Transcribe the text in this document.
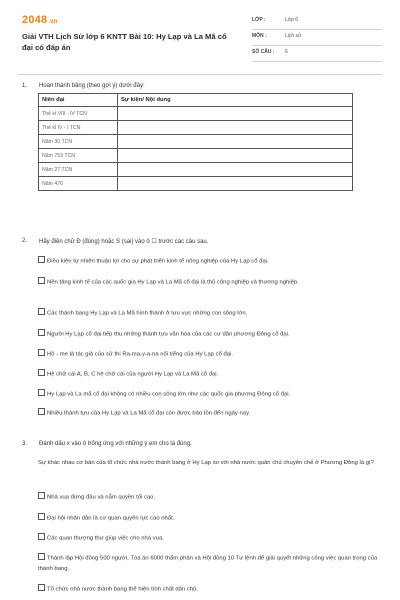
2048.vn
Giải VTH Lịch Sử lớp 6 KNTT Bài 10: Hy Lạp và La Mã cổ đại có đáp án
LỚP :	Lớp 6
MÔN :	Lịch sử
SỐ CÂU : 6
1. Hoàn thành bảng (theo gợi ý) dưới đây:
Niên đại	Sự kiện/ Nội dung
Thế kỉ VIII - IV TCN	
Thế kỉ IV - I TCN	
Năm 30 TCN	
Năm 753 TCN	
Năm 27 TCN	
Năm 476	
2. Hãy điền chữ Đ (đúng) hoặc S (sai) vào ô ☐ trước các câu sau.
Điều kiện tự nhiên thuận lợi cho sự phát triển kinh tế nông nghiệp của Hy Lạp cổ đại.
Nền tảng kinh tế của các quốc gia Hy Lạp và La Mã cổ đại là thủ công nghiệp và thương nghiệp.
Các thành bang Hy Lạp và La Mã hình thành ở lưu vực những con sông lớn.
Người Hy Lạp cổ đại tiếp thu những thành tựu văn hóa của các cư dân phương Đông cổ đại.
Hô - me là tác giả của sử thi Ra-ma-y-a-na nổi tiếng của Hy Lạp cổ đại.
Hệ chữ cái A, B, C hệ chữ cái của người Hy Lạp và La Mã cổ đại.
Hy Lạp và La mã cổ đại không có nhiều con sông lớn như các quốc gia phương Đông cổ đại.
Nhiều thành tựu của Hy Lạp và La Mã cổ đại còn được bảo tồn đến ngày nay.
3. Đánh dấu x vào ô trống ứng với những ý em cho là đúng.
Sự khác nhau cơ bản của tổ chức nhà nước thành bang ở Hy Lạp so với nhà nước quân chủ chuyên chế ở Phương Đông là gì?
Nhà vua đứng đầu và nắm quyền tối cao.
Đại hội nhân dân là cơ quan quyền lực cao nhất.
Các quan thượng thư giúp việc cho nhà vua.
Thành lập Hội đồng 500 người, Tòa án 6000 thẩm phán và Hội đồng 10 Tư lệnh để giải quyết những công việc quan trọng của thành bang.
Tổ chức nhà nước thành bang thể hiện tính chất dân chủ.
